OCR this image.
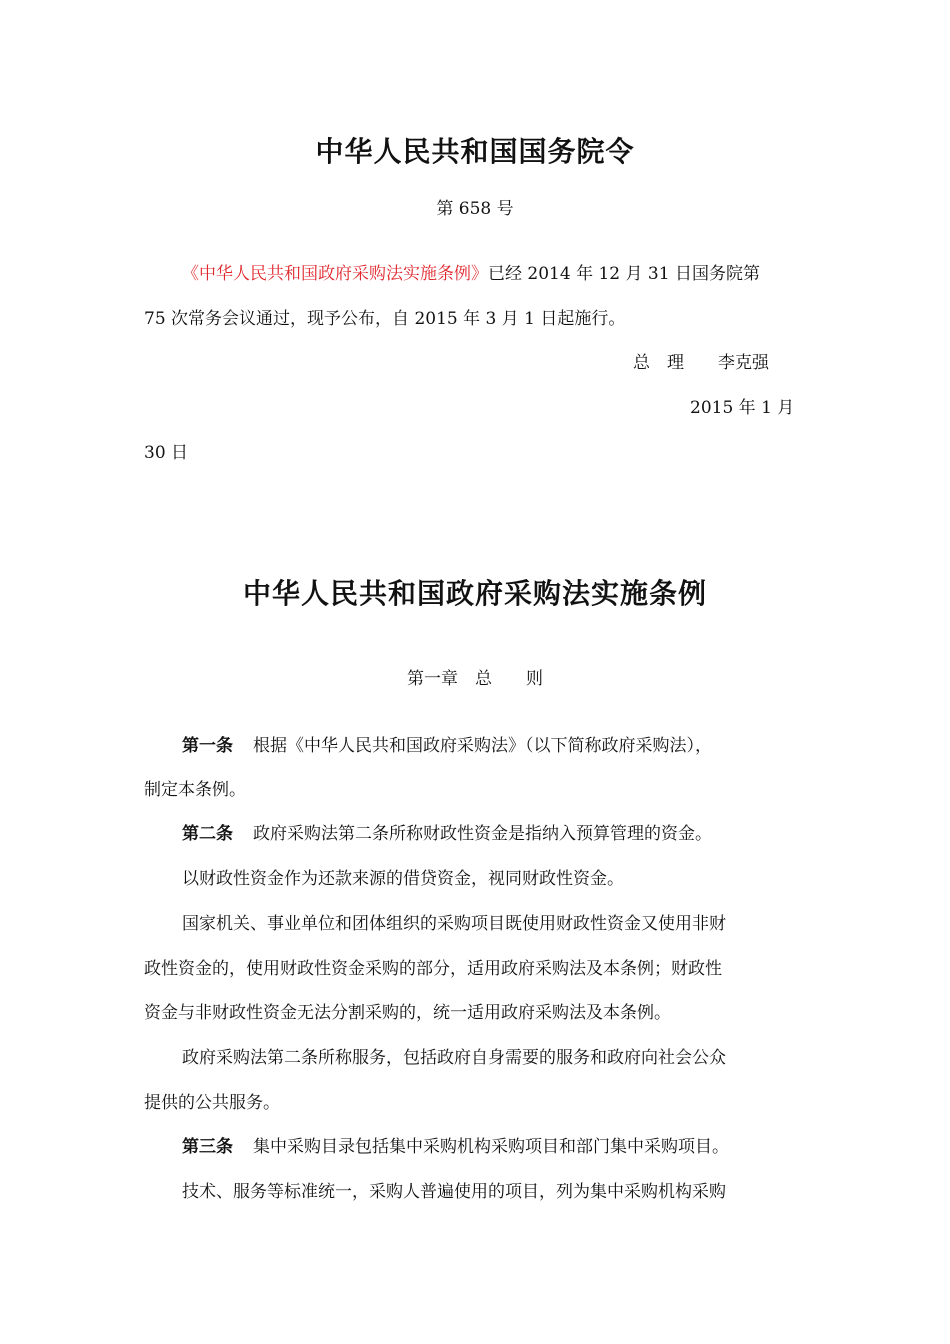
中华人民共和国国务院令
第 658 号
《中华人民共和国政府采购法实施条例》已经 2014 年 12 月 31 日国务院第
75 次常务会议通过，现予公布，自 2015 年 3 月 1 日起施行。
总　理　　李克强
2015 年 1 月
30 日
中华人民共和国政府采购法实施条例
第一章　总　　则
第一条 根据《中华人民共和国政府采购法》（以下简称政府采购法），
制定本条例。
第二条 政府采购法第二条所称财政性资金是指纳入预算管理的资金。
以财政性资金作为还款来源的借贷资金，视同财政性资金。
国家机关、事业单位和团体组织的采购项目既使用财政性资金又使用非财
政性资金的，使用财政性资金采购的部分，适用政府采购法及本条例；财政性
资金与非财政性资金无法分割采购的，统一适用政府采购法及本条例。
政府采购法第二条所称服务，包括政府自身需要的服务和政府向社会公众
提供的公共服务。
第三条 集中采购目录包括集中采购机构采购项目和部门集中采购项目。
技术、服务等标准统一，采购人普遍使用的项目，列为集中采购机构采购
